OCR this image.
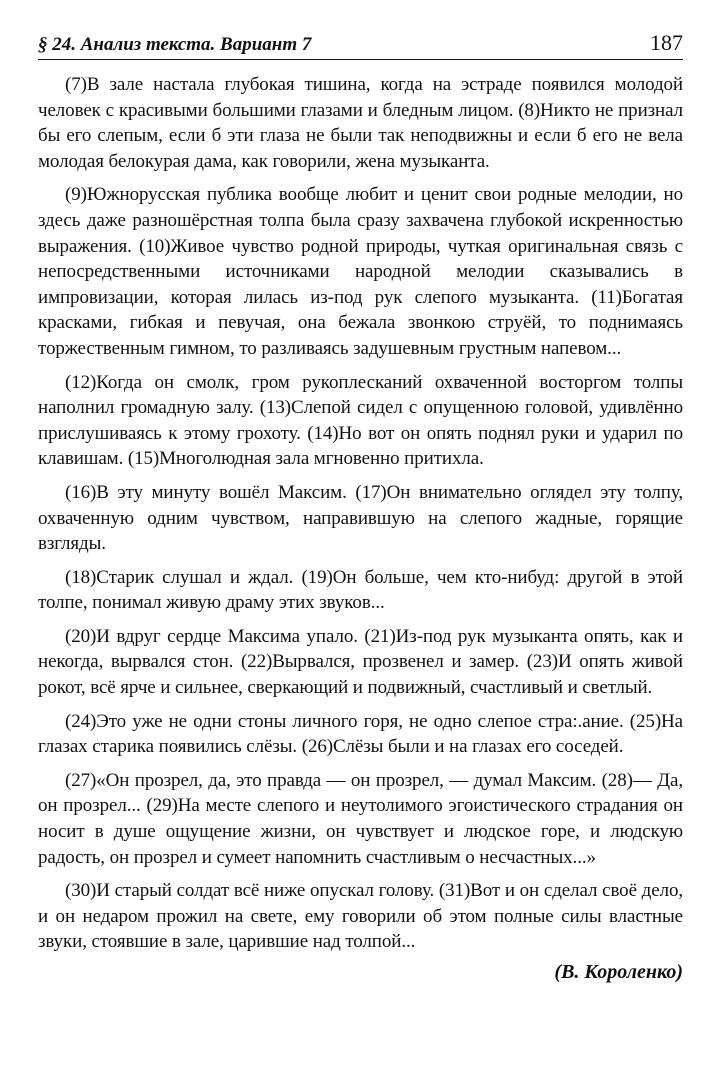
§ 24. Анализ текста. Вариант 7	187

(7)В зале настала глубокая тишина, когда на эстраде появился молодой человек с красивыми большими глазами и бледным лицом. (8)Никто не признал бы его слепым, если б эти глаза не были так неподвижны и если б его не вела молодая белокурая дама, как говорили, жена музыканта.

(9)Южнорусская публика вообще любит и ценит свои родные мелодии, но здесь даже разношёрстная толпа была сразу захвачена глубокой искренностью выражения. (10)Живое чувство родной природы, чуткая оригинальная связь с непосредственными источниками народной мелодии сказывались в импровизации, которая лилась из-под рук слепого музыканта. (11)Богатая красками, гибкая и певучая, она бежала звонкою струёй, то поднимаясь торжественным гимном, то разливаясь задушевным грустным напевом...

(12)Когда он смолк, гром рукоплесканий охваченной восторгом толпы наполнил громадную залу. (13)Слепой сидел с опущенною головой, удивлённо прислушиваясь к этому грохоту. (14)Но вот он опять поднял руки и ударил по клавишам. (15)Многолюдная зала мгновенно притихла.

(16)В эту минуту вошёл Максим. (17)Он внимательно оглядел эту толпу, охваченную одним чувством, направившую на слепого жадные, горящие взгляды.

(18)Старик слушал и ждал. (19)Он больше, чем кто-нибуд: другой в этой толпе, понимал живую драму этих звуков...

(20)И вдруг сердце Максима упало. (21)Из-под рук музыканта опять, как и некогда, вырвался стон. (22)Вырвался, прозвенел и замер. (23)И опять живой рокот, всё ярче и сильнее, сверкающий и подвижный, счастливый и светлый.

(24)Это уже не одни стоны личного горя, не одно слепое стра:.ание. (25)На глазах старика появились слёзы. (26)Слёзы были и на глазах его соседей.

(27)«Он прозрел, да, это правда — он прозрел, — думал Максим. (28)— Да, он прозрел... (29)На месте слепого и неутолимого эгоистического страдания он носит в душе ощущение жизни, он чувствует и людское горе, и людскую радость, он прозрел и сумеет напомнить счастливым о несчастных...»

(30)И старый солдат всё ниже опускал голову. (31)Вот и он сделал своё дело, и он недаром прожил на свете, ему говорили об этом полные силы властные звуки, стоявшие в зале, царившие над толпой...

(В. Короленко)
